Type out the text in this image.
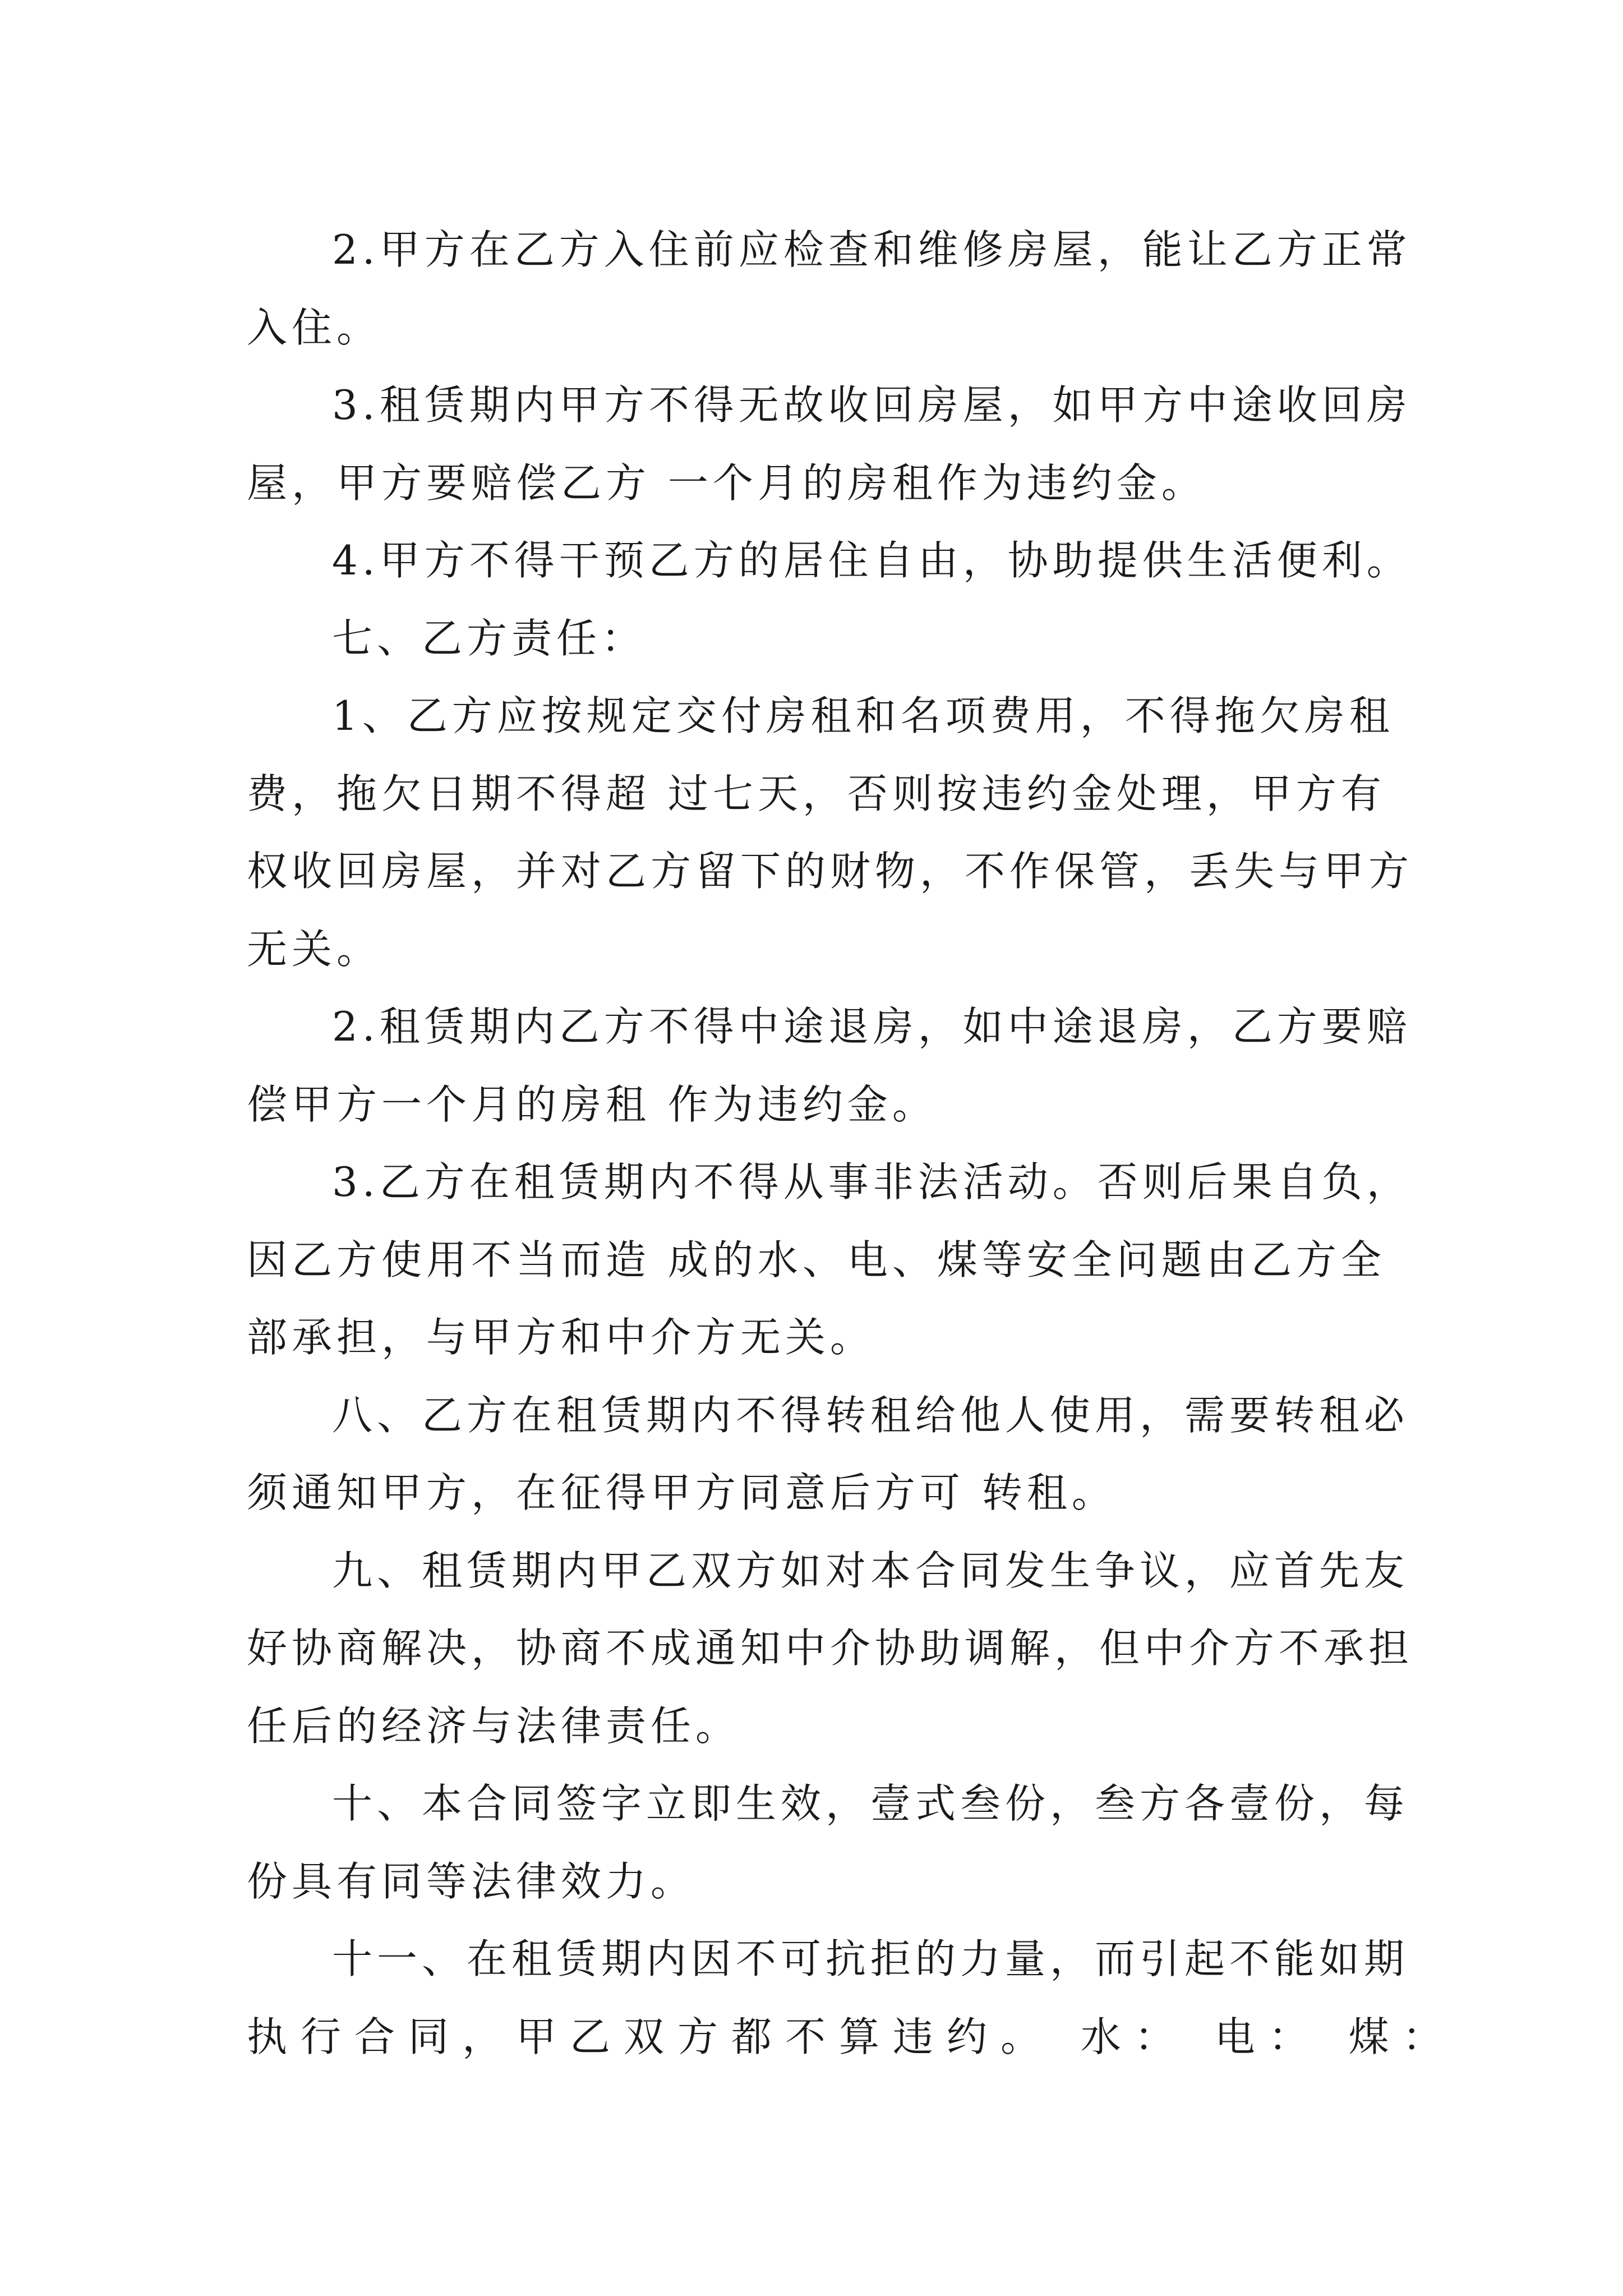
2.甲方在乙方入住前应检查和维修房屋，能让乙方正常
入住。
3.租赁期内甲方不得无故收回房屋，如甲方中途收回房
屋，甲方要赔偿乙方 一个月的房租作为违约金。
4.甲方不得干预乙方的居住自由，协助提供生活便利。
七、乙方责任：
1、乙方应按规定交付房租和名项费用，不得拖欠房租
费，拖欠日期不得超 过七天，否则按违约金处理，甲方有
权收回房屋，并对乙方留下的财物，不作保管，丢失与甲方
无关。
2.租赁期内乙方不得中途退房，如中途退房，乙方要赔
偿甲方一个月的房租 作为违约金。
3.乙方在租赁期内不得从事非法活动。否则后果自负，
因乙方使用不当而造 成的水、电、煤等安全问题由乙方全
部承担，与甲方和中介方无关。
八、乙方在租赁期内不得转租给他人使用，需要转租必
须通知甲方，在征得甲方同意后方可 转租。
九、租赁期内甲乙双方如对本合同发生争议，应首先友
好协商解决，协商不成通知中介协助调解，但中介方不承担
任后的经济与法律责任。
十、本合同签字立即生效，壹式叁份，叁方各壹份，每
份具有同等法律效力。
十一、在租赁期内因不可抗拒的力量，而引起不能如期
执行合同，甲乙双方都不算违约。 水： 电： 煤：
